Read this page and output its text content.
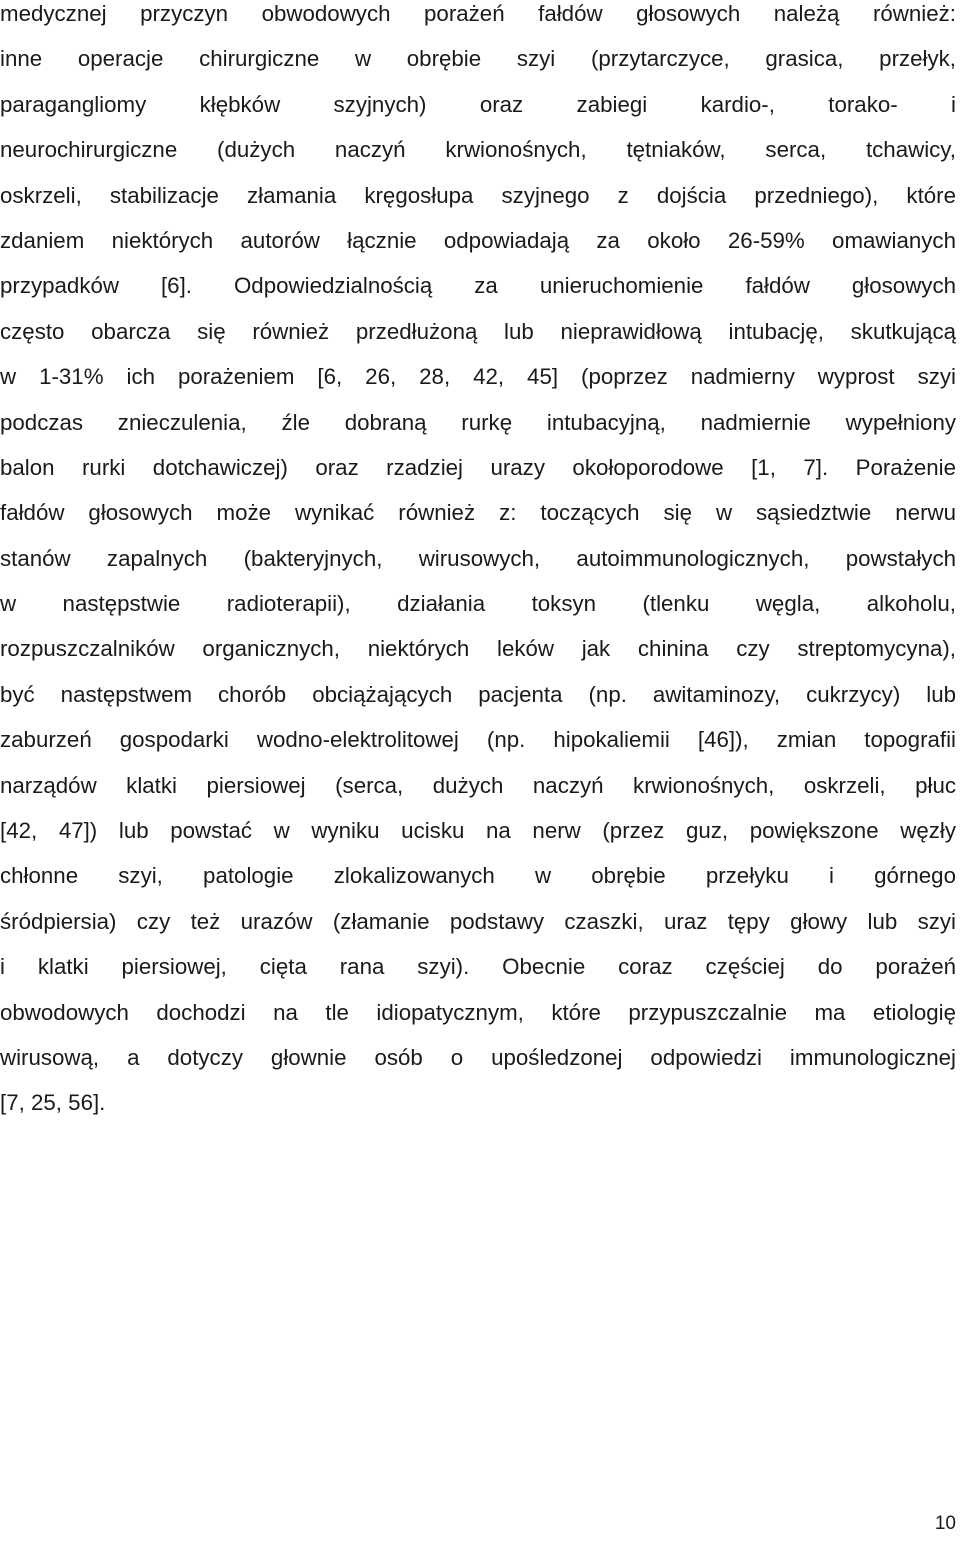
medycznej przyczyn obwodowych porażeń fałdów głosowych należą również:
inne operacje chirurgiczne w obrębie szyi (przytarczyce, grasica, przełyk,
paragangliomy kłębków szyjnych) oraz zabiegi kardio-, torako- i
neurochirurgiczne (dużych naczyń krwionośnych, tętniaków, serca, tchawicy,
oskrzeli, stabilizacje złamania kręgosłupa szyjnego z dojścia przedniego), które
zdaniem niektórych autorów łącznie odpowiadają za około 26-59% omawianych
przypadków [6]. Odpowiedzialnością za unieruchomienie fałdów głosowych
często obarcza się również przedłużoną lub nieprawidłową intubację, skutkującą
w 1-31% ich porażeniem [6, 26, 28, 42, 45] (poprzez nadmierny wyprost szyi
podczas znieczulenia, źle dobraną rurkę intubacyjną, nadmiernie wypełniony
balon rurki dotchawiczej) oraz rzadziej urazy okołoporodowe [1, 7]. Porażenie
fałdów głosowych może wynikać również z: toczących się w sąsiedztwie nerwu
stanów zapalnych (bakteryjnych, wirusowych, autoimmunologicznych, powstałych
w następstwie radioterapii), działania toksyn (tlenku węgla, alkoholu,
rozpuszczalników organicznych, niektórych leków jak chinina czy streptomycyna),
być następstwem chorób obciążających pacjenta (np. awitaminozy, cukrzycy) lub
zaburzeń gospodarki wodno-elektrolitowej (np. hipokaliemii [46]), zmian topografii
narządów klatki piersiowej (serca, dużych naczyń krwionośnych, oskrzeli, płuc
[42, 47]) lub powstać w wyniku ucisku na nerw (przez guz, powiększone węzły
chłonne szyi, patologie zlokalizowanych w obrębie przełyku i górnego
śródpiersia) czy też urazów (złamanie podstawy czaszki, uraz tępy głowy lub szyi
i klatki piersiowej, cięta rana szyi). Obecnie coraz częściej do porażeń
obwodowych dochodzi na tle idiopatycznym, które przypuszczalnie ma etiologię
wirusową, a dotyczy głownie osób o upośledzonej odpowiedzi immunologicznej
[7, 25, 56].
10
